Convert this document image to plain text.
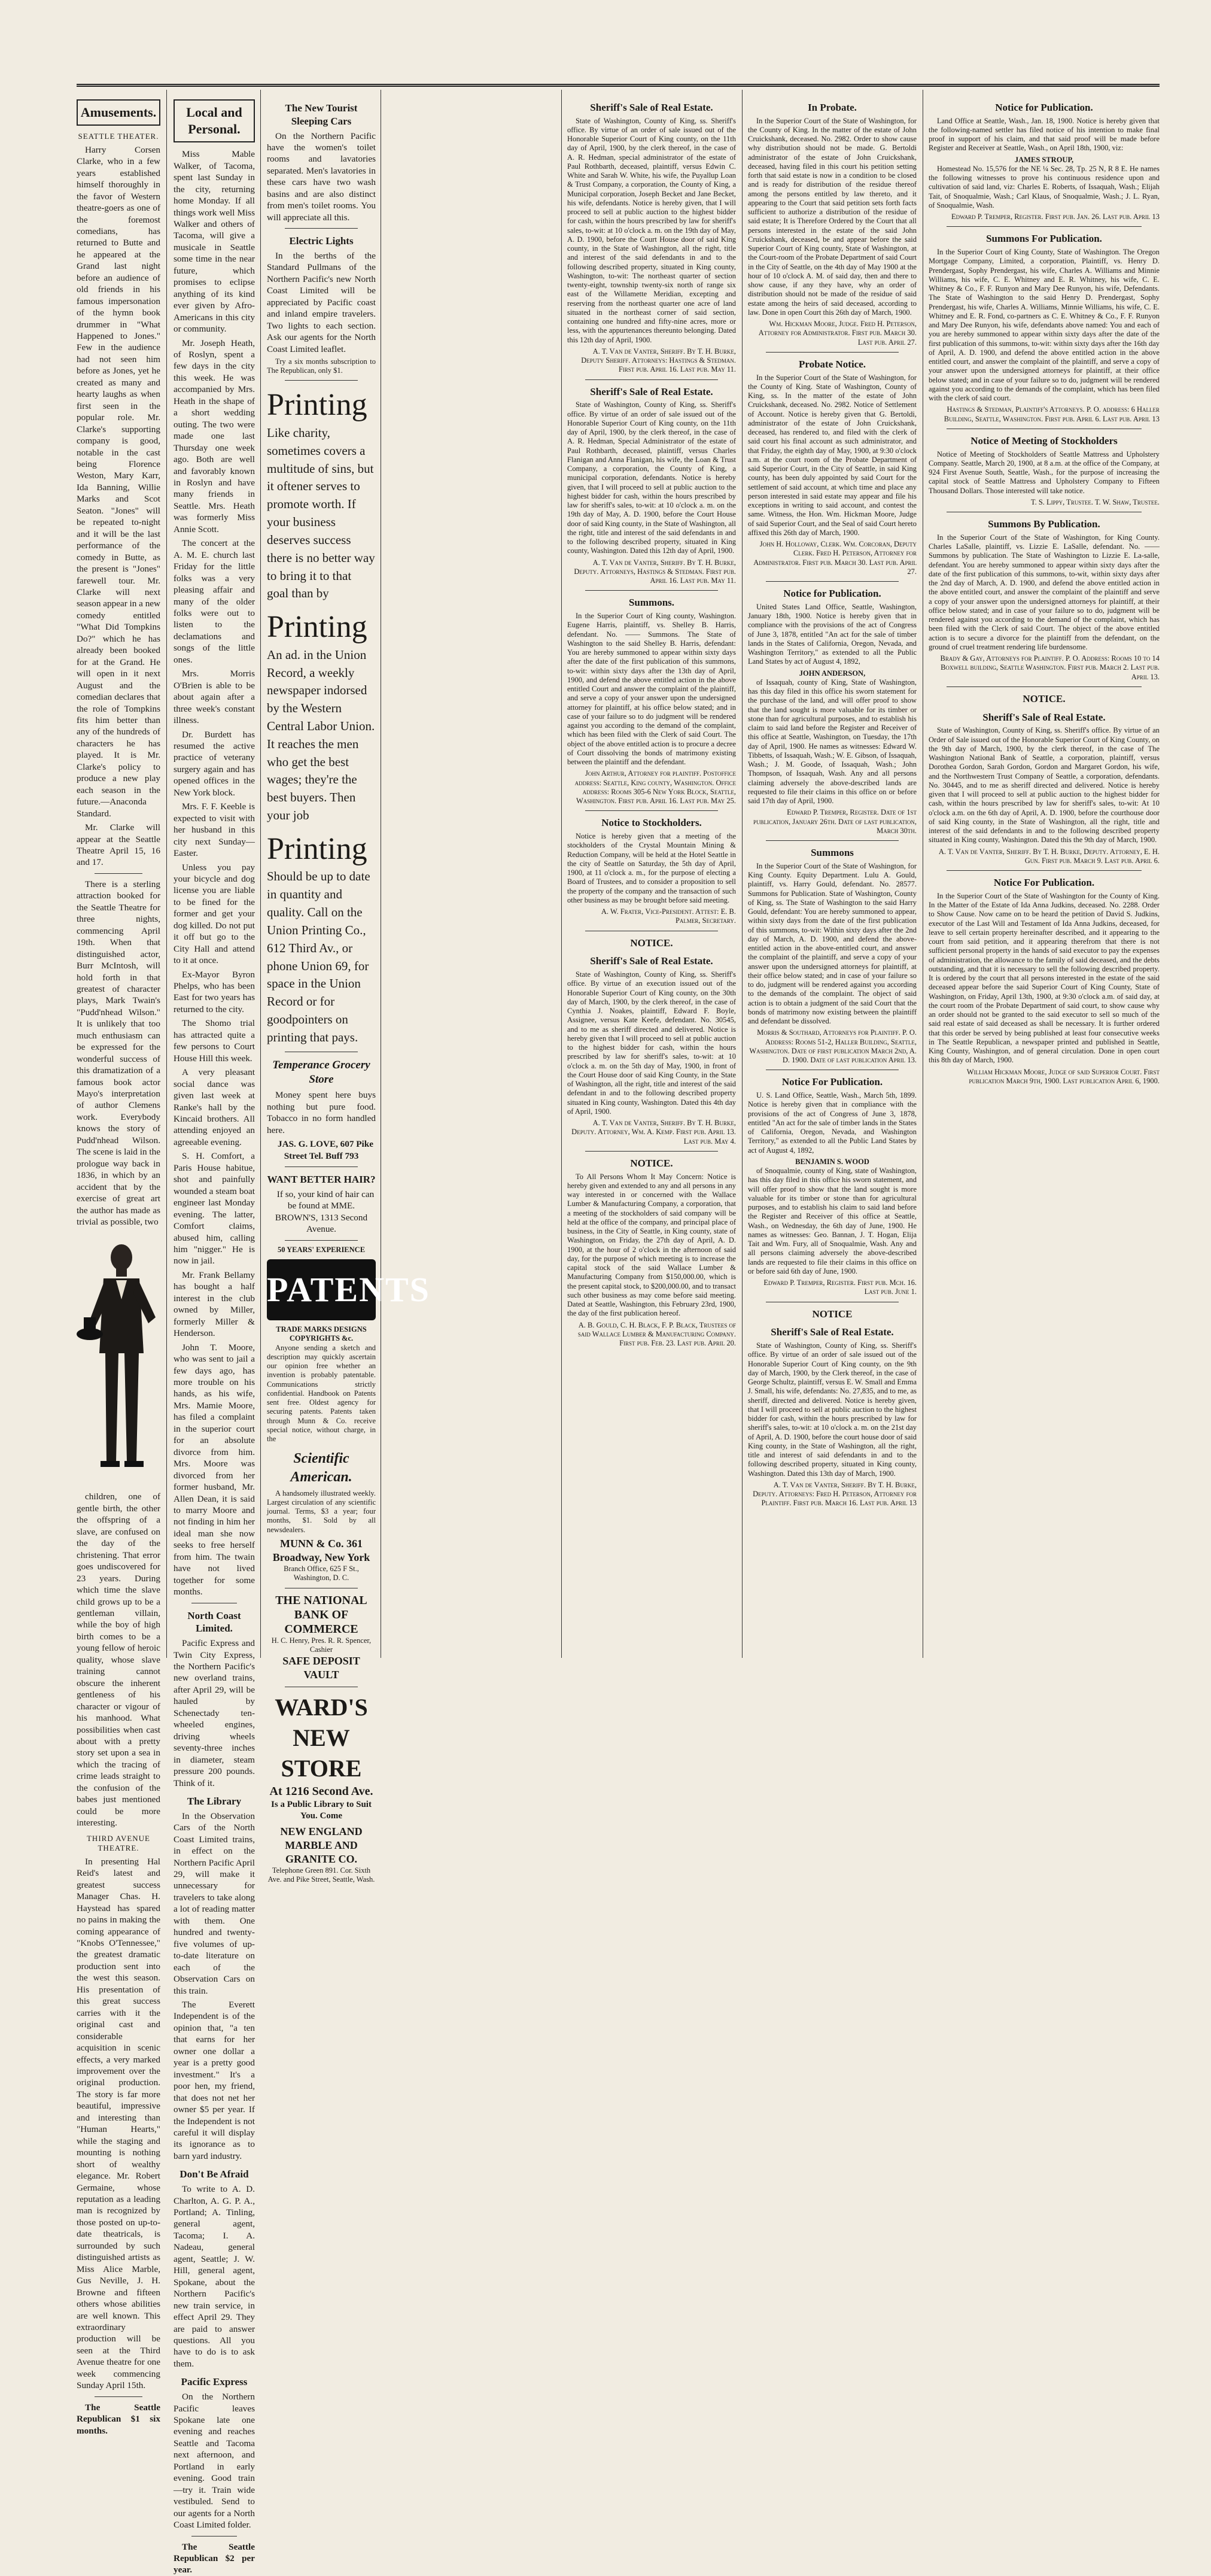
Amusements.
SEATTLE THEATER.

Harry Corsen Clarke, who in a few years established himself thoroughly in the favor of Western theatre-goers as one of the foremost comedians, has returned to Butte and he appeared at the Grand last night before an audience of old friends in his famous impersonation of the hymn book drummer in "What Happened to Jones." Few in the audience had not seen him before as Jones, yet he created as many and hearty laughs as when first seen in the popular role. Mr. Clarke's supporting company is good, notable in the cast being Florence Weston, Mary Karr, Ida Banning, Willie Marks and Scot Seaton. "Jones" will be repeated to-night and it will be the last performance of the comedy in Butte, as the present is "Jones" farewell tour. Mr. Clarke will next season appear in a new comedy entitled "What Did Tompkins Do?" which he has already been booked for at the Grand. He will open in it next August and the comedian declares that the role of Tompkins fits him better than any of the hundreds of characters he has played. It is Mr. Clarke's policy to produce a new play each season in the future.—Anaconda Standard.

Mr. Clarke will appear at the Seattle Theatre April 15, 16 and 17.

There is a sterling attraction booked for the Seattle Theatre for three nights, commencing April 19th. When that distinguished actor, Burr McIntosh, will hold forth in that greatest of character plays, Mark Twain's "Pudd'nhead Wilson." It is unlikely that too much enthusiasm can be expressed for the wonderful success of this dramatization of a famous book actor Mayo's interpretation of author Clemens work. Everybody knows the story of Pudd'nhead Wilson. The scene is laid in the prologue way back in 1836, in which by an accident that by the exercise of great art the author has made as trivial as possible, two

children, one of gentle birth, the other the offspring of a slave, are confused on the day of the christening. That error goes undiscovered for 23 years. During which time the slave child grows up to be a gentleman villain, while the boy of high birth comes to be a young fellow of heroic quality, whose slave training cannot obscure the inherent gentleness of his character or vigour of his manhood. What possibilities when cast about with a pretty story set upon a sea in which the tracing of crime leads straight to the confusion of the babes just mentioned could be more interesting.

THIRD AVENUE THEATRE.

In presenting Hal Reid's latest and greatest success Manager Chas. H. Haystead has spared no pains in making the coming appearance of "Knobs O'Tennessee," the greatest dramatic production sent into the west this season. His presentation of this great success carries with it the original cast and considerable acquisition in scenic effects, a very marked improvement over the original production. The story is far more beautiful, impressive and interesting than "Human Hearts," while the staging and mounting is nothing short of wealthy elegance. Mr. Robert Germaine, whose reputation as a leading man is recognized by those posted on up-to-date theatricals, is surrounded by such distinguished artists as Miss Alice Marble, Gus Neville, J. H. Browne and fifteen others whose abilities are well known. This extraordinary production will be seen at the Third Avenue theatre for one week commencing Sunday April 15th.

The Seattle Republican $1 six months.

Local and Personal.

Miss Mable Walker, of Tacoma, spent last Sunday in the city, returning home Monday. If all things work well Miss Walker and others of Tacoma, will give a musicale in Seattle some time in the near future, which promises to eclipse anything of its kind ever given by Afro-Americans in this city or community.

Mr. Joseph Heath, of Roslyn, spent a few days in the city this week. He was accompanied by Mrs. Heath in the shape of a short wedding outing. The two were made one last Thursday one week ago. Both are well and favorably known in Roslyn and have many friends in Seattle. Mrs. Heath was formerly Miss Annie Scott.

The concert at the A. M. E. church last Friday for the little folks was a very pleasing affair and many of the older folks were out to listen to the declamations and songs of the little ones.

Mrs. Morris O'Brien is able to be about again after a three week's constant illness.

Dr. Burdett has resumed the active practice of veterany surgery again and has opened offices in the New York block.

Mrs. F. F. Keeble is expected to visit with her husband in this city next Sunday—Easter.

Unless you pay your bicycle and dog license you are liable to be fined for the former and get your dog killed. Do not put it off but go to the City Hall and attend to it at once.

Ex-Mayor Byron Phelps, who has been East for two years has returned to the city.

The Shomo trial has attracted quite a few persons to Court House Hill this week.

A very pleasant social dance was given last week at Ranke's hall by the Kincaid brothers. All attending enjoyed an agreeable evening.

S. H. Comfort, a Paris House habitue, shot and painfully wounded a steam boat engineer last Monday evening. The latter, Comfort claims, abused him, calling him "nigger." He is now in jail.

Mr. Frank Bellamy has bought a half interest in the club owned by Miller, formerly Miller & Henderson.

John T. Moore, who was sent to jail a few days ago, has more trouble on his hands, as his wife, Mrs. Mamie Moore, has filed a complaint in the superior court for an absolute divorce from him. Mrs. Moore was divorced from her former husband, Mr. Allen Dean, it is said to marry Moore and not finding in him her ideal man she now seeks to free herself from him. The twain have not lived together for some months.

North Coast Limited.

Pacific Express and Twin City Express, the Northern Pacific's new overland trains, after April 29, will be hauled by Schenectady ten-wheeled engines, driving wheels seventy-three inches in diameter, steam pressure 200 pounds. Think of it.

The Library

In the Observation Cars of the North Coast Limited trains, in effect on the Northern Pacific April 29, will make it unnecessary for travelers to take along a lot of reading matter with them. One hundred and twenty-five volumes of up-to-date literature on each of the Observation Cars on this train.

The Everett Independent is of the opinion that, "a ten that earns for her owner one dollar a year is a pretty good investment." It's a poor hen, my friend, that does not net her owner $5 per year. If the Independent is not careful it will display its ignorance as to barn yard industry.

Don't Be Afraid

To write to A. D. Charlton, A. G. P. A., Portland; A. Tinling, general agent, Tacoma; I. A. Nadeau, general agent, Seattle; J. W. Hill, general agent, Spokane, about the Northern Pacific's new train service, in effect April 29. They are paid to answer questions. All you have to do is to ask them.

Pacific Express

On the Northern Pacific leaves Spokane late one evening and reaches Seattle and Tacoma next afternoon, and Portland in early evening. Good train—try it. Train wide vestibuled. Send to our agents for a North Coast Limited folder.

The Seattle Republican $2 per year.

The New Tourist Sleeping Cars

On the Northern Pacific have the women's toilet rooms and lavatories separated. Men's lavatories in these cars have two wash basins and are also distinct from men's toilet rooms. You will appreciate all this.

Electric Lights

In the berths of the Standard Pullmans of the Northern Pacific's new North Coast Limited will be appreciated by Pacific coast and inland empire travelers. Two lights to each section. Ask our agents for the North Coast Limited leaflet.

Try a six months subscription to The Republican, only $1.

Printing
Like charity, sometimes covers a multitude of sins, but it oftener serves to promote worth. If your business deserves success there is no better way to bring it to that goal than by
Printing
An ad. in the Union Record, a weekly newspaper indorsed by the Western Central Labor Union. It reaches the men who get the best wages; they're the best buyers. Then your job
Printing
Should be up to date in quantity and quality. Call on the Union Printing Co., 612 Third Av., or phone Union 69, for space in the Union Record or for goodpointers on printing that pays.
Temperance Grocery Store

Money spent here buys nothing but pure food. Tobacco in no form handled here.

JAS. G. LOVE, 607 Pike Street Tel. Buff 793

WANT BETTER HAIR?

If so, your kind of hair can be found at MME. BROWN'S, 1313 Second Avenue.

50 YEARS' EXPERIENCE
PATENTS
TRADE MARKS DESIGNS COPYRIGHTS &c.

Anyone sending a sketch and description may quickly ascertain our opinion free whether an invention is probably patentable. Communications strictly confidential. Handbook on Patents sent free. Oldest agency for securing patents. Patents taken through Munn & Co. receive special notice, without charge, in the

Scientific American.

A handsomely illustrated weekly. Largest circulation of any scientific journal. Terms, $3 a year; four months, $1. Sold by all newsdealers.

MUNN & Co. 361 Broadway, New York
Branch Office, 625 F St., Washington, D. C.
THE NATIONAL BANK OF COMMERCE
H. C. Henry, Pres. R. R. Spencer, Cashier
SAFE DEPOSIT VAULT
WARD'S NEW STORE
At 1216 Second Ave.
Is a Public Library to Suit You. Come
NEW ENGLAND MARBLE AND GRANITE CO.
Telephone Green 891. Cor. Sixth Ave. and Pike Street, Seattle, Wash.
Sheriff's Sale of Real Estate.

State of Washington, County of King, ss. Sheriff's office. By virtue of an order of sale issued out of the Honorable Superior Court of King county, on the 11th day of April, 1900, by the clerk thereof, in the case of A. R. Hedman, special administrator of the estate of Paul Rothbarth, deceased, plaintiff, versus Edwin C. White and Sarah W. White, his wife, the Puyallup Loan & Trust Company, a corporation, the County of King, a Municipal corporation, Joseph Becket and Jane Becket, his wife, defendants. Notice is hereby given, that I will proceed to sell at public auction to the highest bidder for cash, within the hours prescribed by law for sheriff's sales, to-wit: at 10 o'clock a. m. on the 19th day of May, A. D. 1900, before the Court House door of said King county, in the State of Washington, all the right, title and interest of the said defendants in and to the following described property, situated in King county, Washington, to-wit: The northeast quarter of section twenty-eight, township twenty-six north of range six east of the Willamette Meridian, excepting and reserving from the northeast quarter one acre of land situated in the northeast corner of said section, containing one hundred and fifty-nine acres, more or less, with the appurtenances thereunto belonging. Dated this 12th day of April, 1900.

A. T. Van de Vanter, Sheriff. By T. H. Burke, Deputy Sheriff. Attorneys: Hastings & Stedman. First pub. April 16. Last pub. May 11.

Sheriff's Sale of Real Estate.

State of Washington, County of King, ss. Sheriff's office. By virtue of an order of sale issued out of the Honorable Superior Court of King county, on the 11th day of April, 1900, by the clerk thereof, in the case of A. R. Hedman, Special Administrator of the estate of Paul Rothbarth, deceased, plaintiff, versus Charles Flanigan and Anna Flanigan, his wife, the Loan & Trust Company, a corporation, the County of King, a municipal corporation, defendants. Notice is hereby given, that I will proceed to sell at public auction to the highest bidder for cash, within the hours prescribed by law for sheriff's sales, to-wit: at 10 o'clock a. m. on the 19th day of May, A. D. 1900, before the Court House door of said King county, in the State of Washington, all the right, title and interest of the said defendants in and to the following described property, situated in King county, Washington. Dated this 12th day of April, 1900.

A. T. Van de Vanter, Sheriff. By T. H. Burke, Deputy. Attorneys, Hastings & Stedman. First pub. April 16. Last pub. May 11.

Summons.

In the Superior Court of King county, Washington. Eugene Harris, plaintiff, vs. Shelley B. Harris, defendant. No. —— Summons. The State of Washington to the said Shelley B. Harris, defendant: You are hereby summoned to appear within sixty days after the date of the first publication of this summons, to-wit: within sixty days after the 13th day of April, 1900, and defend the above entitled action in the above entitled Court and answer the complaint of the plaintiff, and serve a copy of your answer upon the undersigned attorney for plaintiff, at his office below stated; and in case of your failure so to do judgment will be rendered against you according to the demand of the complaint, which has been filed with the Clerk of said Court. The object of the above entitled action is to procure a decree of Court dissolving the bonds of matrimony existing between the plaintiff and the defendant.

John Arthur, Attorney for plaintiff. Postoffice address: Seattle, King county, Washington. Office address: Rooms 305-6 New York Block, Seattle, Washington. First pub. April 16. Last pub. May 25.

Notice to Stockholders.

Notice is hereby given that a meeting of the stockholders of the Crystal Mountain Mining & Reduction Company, will be held at the Hotel Seattle in the city of Seattle on Saturday, the 5th day of April, 1900, at 11 o'clock a. m., for the purpose of electing a Board of Trustees, and to consider a proposition to sell the property of the company and the transaction of such other business as may be brought before said meeting.

A. W. Frater, Vice-President. Attest: E. B. Palmer, Secretary.

NOTICE.
Sheriff's Sale of Real Estate.

State of Washington, County of King, ss. Sheriff's office. By virtue of an execution issued out of the Honorable Superior Court of King county, on the 30th day of March, 1900, by the clerk thereof, in the case of Cynthia J. Noakes, plaintiff, Edward F. Boyle, Assignee, versus Kate Keefe, defendant. No. 30545, and to me as sheriff directed and delivered. Notice is hereby given that I will proceed to sell at public auction to the highest bidder for cash, within the hours prescribed by law for sheriff's sales, to-wit: at 10 o'clock a. m. on the 5th day of May, 1900, in front of the Court House door of said King County, in the State of Washington, all the right, title and interest of the said defendant in and to the following described property situated in King county, Washington. Dated this 4th day of April, 1900.

A. T. Van de Vanter, Sheriff. By T. H. Burke, Deputy. Attorney, Wm. A. Kemp. First pub. April 13. Last pub. May 4.

NOTICE.

To All Persons Whom It May Concern: Notice is hereby given and extended to any and all persons in any way interested in or concerned with the Wallace Lumber & Manufacturing Company, a corporation, that a meeting of the stockholders of said company will be held at the office of the company, and principal place of business, in the City of Seattle, in King county, state of Washington, on Friday, the 27th day of April, A. D. 1900, at the hour of 2 o'clock in the afternoon of said day, for the purpose of which meeting is to increase the capital stock of the said Wallace Lumber & Manufacturing Company from $150,000.00, which is the present capital stock, to $200,000.00, and to transact such other business as may come before said meeting. Dated at Seattle, Washington, this February 23rd, 1900, the day of the first publication hereof.

A. B. Gould, C. H. Black, F. P. Black, Trustees of said Wallace Lumber & Manufacturing Company. First pub. Feb. 23. Last pub. April 20.

In Probate.

In the Superior Court of the State of Washington, for the County of King. In the matter of the estate of John Cruickshank, deceased. No. 2982. Order to show cause why distribution should not be made. G. Bertoldi administrator of the estate of John Cruickshank, deceased, having filed in this court his petition setting forth that said estate is now in a condition to be closed and is ready for distribution of the residue thereof among the persons entitled by law thereto, and it appearing to the Court that said petition sets forth facts sufficient to authorize a distribution of the residue of said estate; It is Therefore Ordered by the Court that all persons interested in the estate of the said John Cruickshank, deceased, be and appear before the said Superior Court of King county, State of Washington, at the Court-room of the Probate Department of said Court in the City of Seattle, on the 4th day of May 1900 at the hour of 10 o'clock A. M. of said day, then and there to show cause, if any they have, why an order of distribution should not be made of the residue of said estate among the heirs of said deceased, according to law. Done in open Court this 26th day of March, 1900.

Wm. Hickman Moore, Judge. Fred H. Peterson, Attorney for Administrator. First pub. March 30. Last pub. April 27.

Probate Notice.

In the Superior Court of the State of Washington, for the County of King. State of Washington, County of King, ss. In the matter of the estate of John Cruickshank, deceased. No. 2982. Notice of Settlement of Account. Notice is hereby given that G. Bertoldi, administrator of the estate of John Cruickshank, deceased, has rendered to, and filed with the clerk of said court his final account as such administrator, and that Friday, the eighth day of May, 1900, at 9:30 o'clock a.m. at the court room of the Probate Department of said Superior Court, in the City of Seattle, in said King county, has been duly appointed by said Court for the settlement of said account, at which time and place any person interested in said estate may appear and file his exceptions in writing to said account, and contest the same. Witness, the Hon. Wm. Hickman Moore, Judge of said Superior Court, and the Seal of said Court hereto affixed this 26th day of March, 1900.

John H. Holloway, Clerk. Wm. Corcoran, Deputy Clerk. Fred H. Peterson, Attorney for Administrator. First pub. March 30. Last pub. April 27.

Notice for Publication.

United States Land Office, Seattle, Washington, January 18th, 1900. Notice is hereby given that in compliance with the provisions of the act of Congress of June 3, 1878, entitled "An act for the sale of timber lands in the States of California, Oregon, Nevada, and Washington Territory," as extended to all the Public Land States by act of August 4, 1892,

JOHN ANDERSON,

of Issaquah, county of King, State of Washington, has this day filed in this office his sworn statement for the purchase of the land, and will offer proof to show that the land sought is more valuable for its timber or stone than for agricultural purposes, and to establish his claim to said land before the Register and Receiver of this office at Seattle, Washington, on Tuesday, the 17th day of April, 1900. He names as witnesses: Edward W. Tibbetts, of Issaquah, Wash.; W. E. Gibson, of Issaquah, Wash.; J. M. Goode, of Issaquah, Wash.; John Thompson, of Issaquah, Wash. Any and all persons claiming adversely the above-described lands are requested to file their claims in this office on or before said 17th day of April, 1900.

Edward P. Tremper, Register. Date of 1st publication, January 26th. Date of last publication, March 30th.

Summons

In the Superior Court of the State of Washington, for King County. Equity Department. Lulu A. Gould, plaintiff, vs. Harry Gould, defendant. No. 28577. Summons for Publication. State of Washington, County of King, ss. The State of Washington to the said Harry Gould, defendant: You are hereby summoned to appear, within sixty days from the date of the first publication of this summons, to-wit: Within sixty days after the 2nd day of March, A. D. 1900, and defend the above-entitled action in the above-entitled court, and answer the complaint of the plaintiff, and serve a copy of your answer upon the undersigned attorneys for plaintiff, at their office below stated; and in case of your failure so to do, judgment will be rendered against you according to the demands of the complaint. The object of said action is to obtain a judgment of the said Court that the bonds of matrimony now existing between the plaintiff and defendant be dissolved.

Morris & Southard, Attorneys for Plaintiff. P. O. Address: Rooms 51-2, Haller Building, Seattle, Washington. Date of first publication March 2nd, A. D. 1900. Date of last publication April 13.

Notice For Publication.

U. S. Land Office, Seattle, Wash., March 5th, 1899. Notice is hereby given that in compliance with the provisions of the act of Congress of June 3, 1878, entitled "An act for the sale of timber lands in the States of California, Oregon, Nevada, and Washington Territory," as extended to all the Public Land States by act of August 4, 1892,

BENJAMIN S. WOOD

of Snoqualmie, county of King, state of Washington, has this day filed in this office his sworn statement, and will offer proof to show that the land sought is more valuable for its timber or stone than for agricultural purposes, and to establish his claim to said land before the Register and Receiver of this office at Seattle, Wash., on Wednesday, the 6th day of June, 1900. He names as witnesses: Geo. Bannan, J. T. Hogan, Elija Tait and Wm. Fury, all of Snoqualmie, Wash. Any and all persons claiming adversely the above-described lands are requested to file their claims in this office on or before said 6th day of June, 1900.

Edward P. Tremper, Register. First pub. Mch. 16. Last pub. June 1.

NOTICE
Sheriff's Sale of Real Estate.

State of Washington, County of King, ss. Sheriff's office. By virtue of an order of sale issued out of the Honorable Superior Court of King county, on the 9th day of March, 1900, by the Clerk thereof, in the case of George Schultz, plaintiff, versus E. W. Small and Emma J. Small, his wife, defendants: No. 27,835, and to me, as sheriff, directed and delivered. Notice is hereby given, that I will proceed to sell at public auction to the highest bidder for cash, within the hours prescribed by law for sheriff's sales, to-wit: at 10 o'clock a. m. on the 21st day of April, A. D. 1900, before the court house door of said King county, in the State of Washington, all the right, title and interest of said defendants in and to the following described property, situated in King county, Washington. Dated this 13th day of March, 1900.

A. T. Van de Vanter, Sheriff. By T. H. Burke, Deputy. Attorneys: Fred H. Peterson, Attorney for Plaintiff. First pub. March 16. Last pub. April 13

Notice for Publication.

Land Office at Seattle, Wash., Jan. 18, 1900. Notice is hereby given that the following-named settler has filed notice of his intention to make final proof in support of his claim, and that said proof will be made before Register and Receiver at Seattle, Wash., on April 18th, 1900, viz:

JAMES STROUP,

Homestead No. 15,576 for the NE ¼ Sec. 28, Tp. 25 N, R 8 E. He names the following witnesses to prove his continuous residence upon and cultivation of said land, viz: Charles E. Roberts, of Issaquah, Wash.; Elijah Tait, of Snoqualmie, Wash.; Carl Klaus, of Snoqualmie, Wash.; J. L. Ryan, of Snoqualmie, Wash.

Edward P. Tremper, Register. First pub. Jan. 26. Last pub. April 13

Summons For Publication.

In the Superior Court of King County, State of Washington. The Oregon Mortgage Company, Limited, a corporation, Plaintiff, vs. Henry D. Prendergast, Sophy Prendergast, his wife, Charles A. Williams and Minnie Williams, his wife, C. E. Whitney and E. R. Whitney, his wife, C. E. Whitney & Co., F. F. Runyon and Mary Dee Runyon, his wife, Defendants. The State of Washington to the said Henry D. Prendergast, Sophy Prendergast, his wife, Charles A. Williams, Minnie Williams, his wife, C. E. Whitney and E. R. Fond, co-partners as C. E. Whitney & Co., F. F. Runyon and Mary Dee Runyon, his wife, defendants above named: You and each of you are hereby summoned to appear within sixty days after the date of the first publication of this summons, to-wit: within sixty days after the 16th day of April, A. D. 1900, and defend the above entitled action in the above entitled court, and answer the complaint of the plaintiff, and serve a copy of your answer upon the undersigned attorneys for plaintiff, at their office below stated; and in case of your failure so to do, judgment will be rendered against you according to the demands of the complaint, which has been filed with the clerk of said court.

Hastings & Stedman, Plaintiff's Attorneys. P. O. address: 6 Haller Building, Seattle, Washington. First pub. April 6. Last pub. April 13

Notice of Meeting of Stockholders

Notice of Meeting of Stockholders of Seattle Mattress and Upholstery Company. Seattle, March 20, 1900, at 8 a.m. at the office of the Company, at 924 First Avenue South, Seattle, Wash., for the purpose of increasing the capital stock of Seattle Mattress and Upholstery Company to Fifteen Thousand Dollars. Those interested will take notice.

T. S. Lippy, Trustee. T. W. Shaw, Trustee.

Summons By Publication.

In the Superior Court of the State of Washington, for King County. Charles LaSalle, plaintiff, vs. Lizzie E. LaSalle, defendant. No. —— Summons by publication. The State of Washington to Lizzie E. La-salle, defendant. You are hereby summoned to appear within sixty days after the date of the first publication of this summons, to-wit, within sixty days after the 2nd day of March, A. D. 1900, and defend the above entitled action in the above entitled court, and answer the complaint of the plaintiff and serve a copy of your answer upon the undersigned attorneys for plaintiff, at their office below stated; and in case of your failure so to do, judgment will be rendered against you according to the demand of the complaint, which has been filed with the Clerk of said Court. The object of the above entitled action is to secure a divorce for the plaintiff from the defendant, on the ground of cruel treatment rendering life burdensome.

Brady & Gay, Attorneys for Plaintiff. P. O. Address: Rooms 10 to 14 Boxwell building, Seattle Washington. First pub. March 2. Last pub. April 13.

NOTICE.
Sheriff's Sale of Real Estate.

State of Washington, County of King, ss. Sheriff's office. By virtue of an Order of Sale issued out of the Honorable Superior Court of King County, on the 9th day of March, 1900, by the clerk thereof, in the case of The Washington National Bank of Seattle, a corporation, plaintiff, versus Dorothea Gordon, Sarah Gordon, Gordon and Margaret Gordon, his wife, and the Northwestern Trust Company of Seattle, a corporation, defendants. No. 30445, and to me as sheriff directed and delivered. Notice is hereby given that I will proceed to sell at public auction to the highest bidder for cash, within the hours prescribed by law for sheriff's sales, to-wit: At 10 o'clock a.m. on the 6th day of April, A. D. 1900, before the courthouse door of said King county, in the State of Washington, all the right, title and interest of the said defendants in and to the following described property situated in King county, Washington. Dated this the 9th day of March, 1900.

A. T. Van de Vanter, Sheriff. By T. H. Burke, Deputy. Attorney, E. H. Gun. First pub. March 9. Last pub. April 6.

Notice For Publication.

In the Superior Court of the State of Washington for the County of King. In the Matter of the Estate of Ida Anna Judkins, deceased. No. 2288. Order to Show Cause. Now came on to be heard the petition of David S. Judkins, executor of the Last Will and Testament of Ida Anna Judkins, deceased, for leave to sell certain property hereinafter described, and it appearing to the court from said petition, and it appearing therefrom that there is not sufficient personal property in the hands of said executor to pay the expenses of administration, the allowance to the family of said deceased, and the debts outstanding, and that it is necessary to sell the following described property. It is ordered by the court that all persons interested in the estate of the said deceased appear before the said Superior Court of King County, State of Washington, on Friday, April 13th, 1900, at 9:30 o'clock a.m. of said day, at the court room of the Probate Department of said court, to show cause why an order should not be granted to the said executor to sell so much of the said real estate of said deceased as shall be necessary. It is further ordered that this order be served by being published at least four consecutive weeks in The Seattle Republican, a newspaper printed and published in Seattle, King County, Washington, and of general circulation. Done in open court this 8th day of March, 1900.

William Hickman Moore, Judge of said Superior Court. First publication March 9th, 1900. Last publication April 6, 1900.
